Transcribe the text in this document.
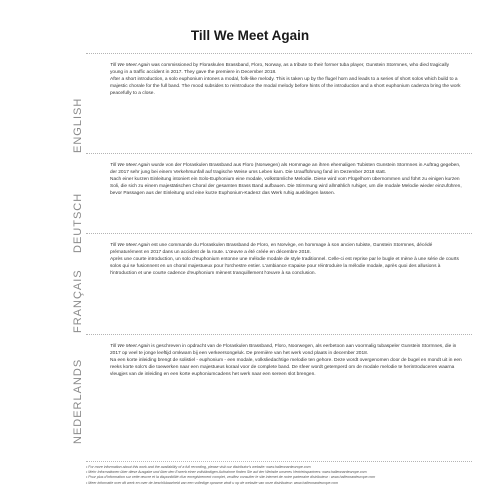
Till We Meet Again
ENGLISH

Till We Meet Again was commissioned by Floraskulen Brassband, Floro, Norway, as a tribute to their former tuba player, Gunstein Stormnes, who died tragically young in a traffic accident in 2017. They gave the premiere in December 2018.

After a short introduction, a solo euphonium intones a modal, folk-like melody. This is taken up by the flugel horn and leads to a series of short solos which build to a majestic chorale for the full band. The mood subsides to reintroduce the modal melody before hints of the introduction and a short euphonium cadenza bring the work peacefully to a close.

DEUTSCH

Till We Meet Again wurde von der Floraskulen Brassband aus Floro (Norwegen) als Hommage an ihren ehemaligen Tubisten Gunstein Stormnes in Auftrag gegeben, der 2017 sehr jung bei einem Verkehrsunfall auf tragische Weise ums Leben kam. Die Uraufführung fand im Dezember 2018 statt.

Nach einer kurzen Einleitung intoniert ein Solo-Euphonium eine modale, volkstümliche Melodie. Diese wird vom Flügelhorn übernommen und führt zu einigen kurzen Soli, die sich zu einem majestätischen Choral der gesamten Brass Band aufbauen. Die Stimmung wird allmählich ruhiger, um die modale Melodie wieder einzuführen, bevor Passagen aus der Einleitung und eine kurze Euphonium-Kadenz das Werk ruhig ausklingen lassen.

FRANÇAIS

Till We Meet Again est une commande du Floraskulen Brassband de Floro, en Norvège, en hommage à son ancien tubiste, Gunstein Stormnes, décédé prématurément en 2017 dans un accident de la route. L'œuvre a été créée en décembre 2018.

Après une courte introduction, un solo d'euphonium entonne une mélodie modale de style traditionnel. Celle-ci est reprise par le bugle et mène à une série de courts solos qui se fusionnent en un choral majestueux pour l'orchestre entier. L'ambiance s'apaise pour réintroduire la mélodie modale, après quoi des allusions à l'introduction et une courte cadence d'euphonium mènent tranquillement l'œuvre à sa conclusion.

NEDERLANDS

Till We Meet Again is geschreven in opdracht van de Floraskulen Brassband, Floro, Noorwegen, als eerbetoon aan voormalig tubaspeler Gunstein Stormnes, die in 2017 op veel te jonge leeftijd omkwam bij een verkeersongeluk. De première van het werk vond plaats in december 2018.

Na een korte inleiding brengt de solistiel - euphonium - een modale, volksliedachtige melodie ten gehore. Deze wordt overgenomen door de bugel en mondt uit in een reeks korte solo's die toewerken naar een majestueus koraal voor de complete band. De sfeer wordt getemperd om de modale melodie te herintroduceren waarna vleugjes van de inleiding en een korte euphoniumcadens het werk naar een sereen slot brengen.

• For more information about this work and the availability of a full recording, please visit our distributor's website: www.halleonardeurope.com

• Mehr Informationen über diese Ausgabe und über den Erwerb einer vollständigen Aufnahme finden Sie auf der Website unseres Vertriebspartners: www.halleonardeurope.com

• Pour plus d'information sur cette œuvre et la disponibilité d'un enregistrement complet, veuillez consulter le site internet de notre partenaire distributeur : www.halleonardeurope.com

• Meer informatie over dit werk en over de beschikbaarheid van een volledige opname vindt u op de website van onze distributeur: www.halleonardeurope.com
